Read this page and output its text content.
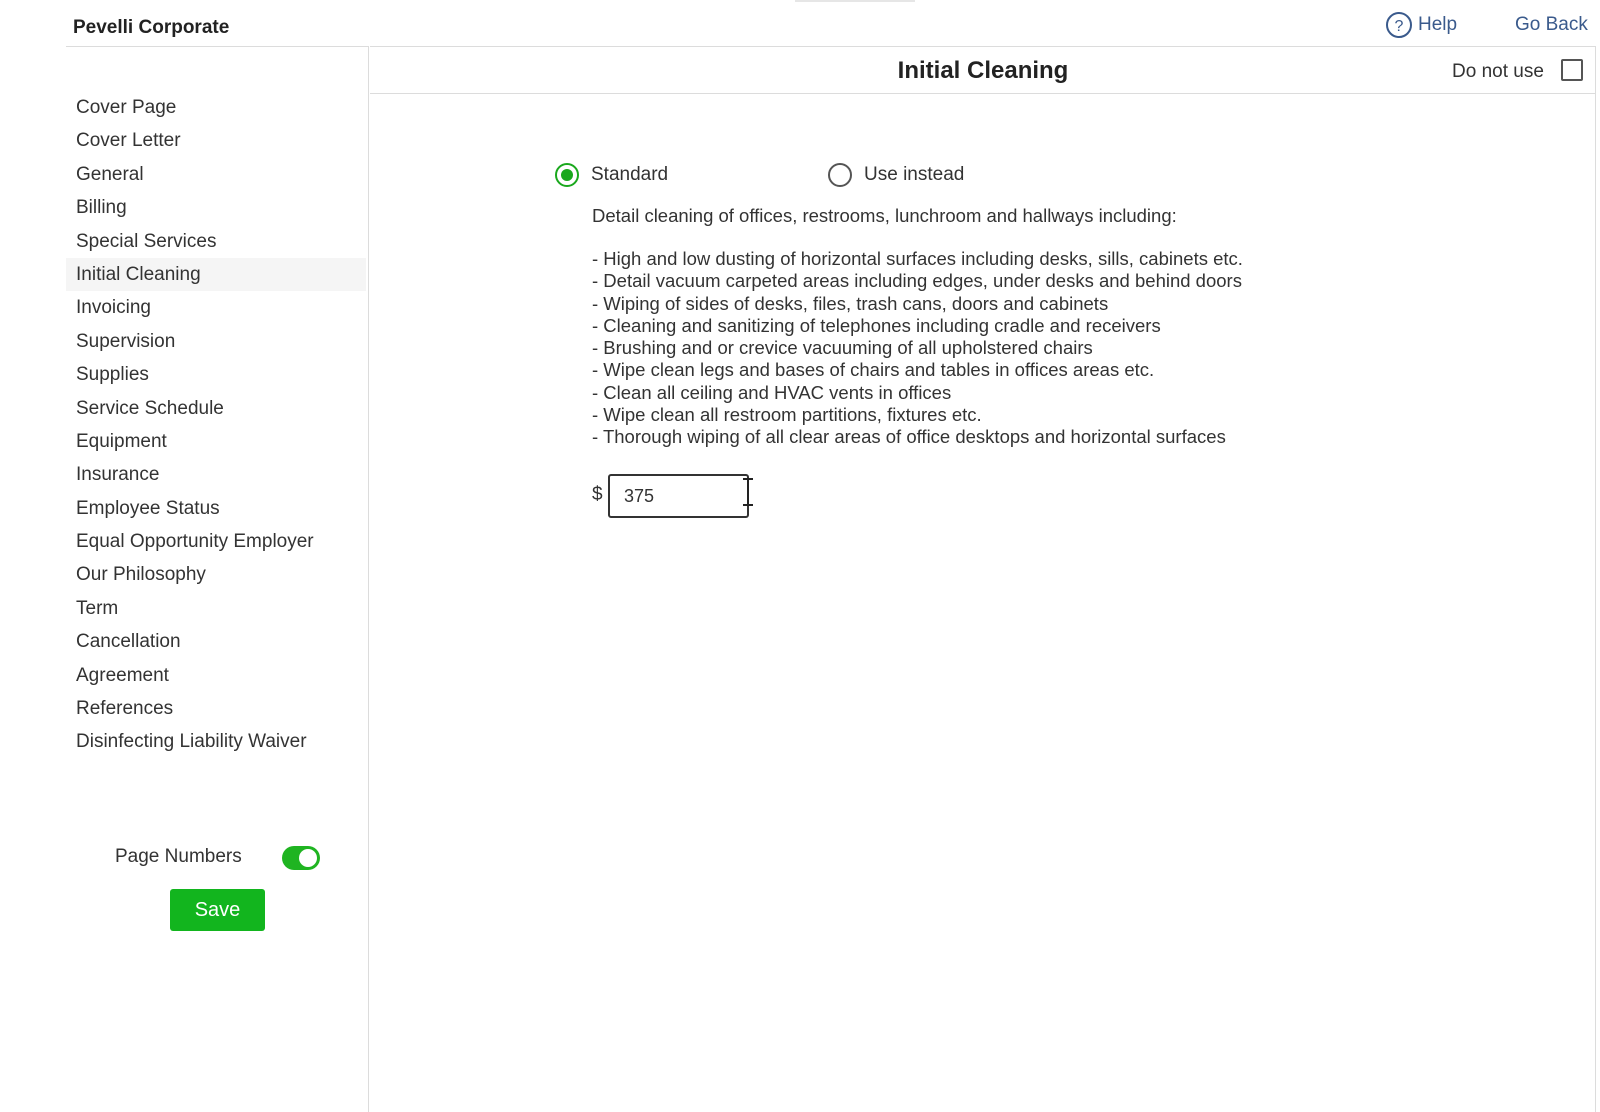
Pevelli Corporate	? Help	Go Back
Cover Page
Cover Letter
General
Billing
Special Services
Initial Cleaning
Invoicing
Supervision
Supplies
Service Schedule
Equipment
Insurance
Employee Status
Equal Opportunity Employer
Our Philosophy
Term
Cancellation
Agreement
References
Disinfecting Liability Waiver
Page Numbers
Save
Initial Cleaning	Do not use
Standard	Use instead
Detail cleaning of offices, restrooms, lunchroom and hallways including:
- High and low dusting of horizontal surfaces including desks, sills, cabinets etc.
- Detail vacuum carpeted areas including edges, under desks and behind doors
- Wiping of sides of desks, files, trash cans, doors and cabinets
- Cleaning and sanitizing of telephones including cradle and receivers
- Brushing and or crevice vacuuming of all upholstered chairs
- Wipe clean legs and bases of chairs and tables in offices areas etc.
- Clean all ceiling and HVAC vents in offices
- Wipe clean all restroom partitions, fixtures etc.
- Thorough wiping of all clear areas of office desktops and horizontal surfaces
$
375
